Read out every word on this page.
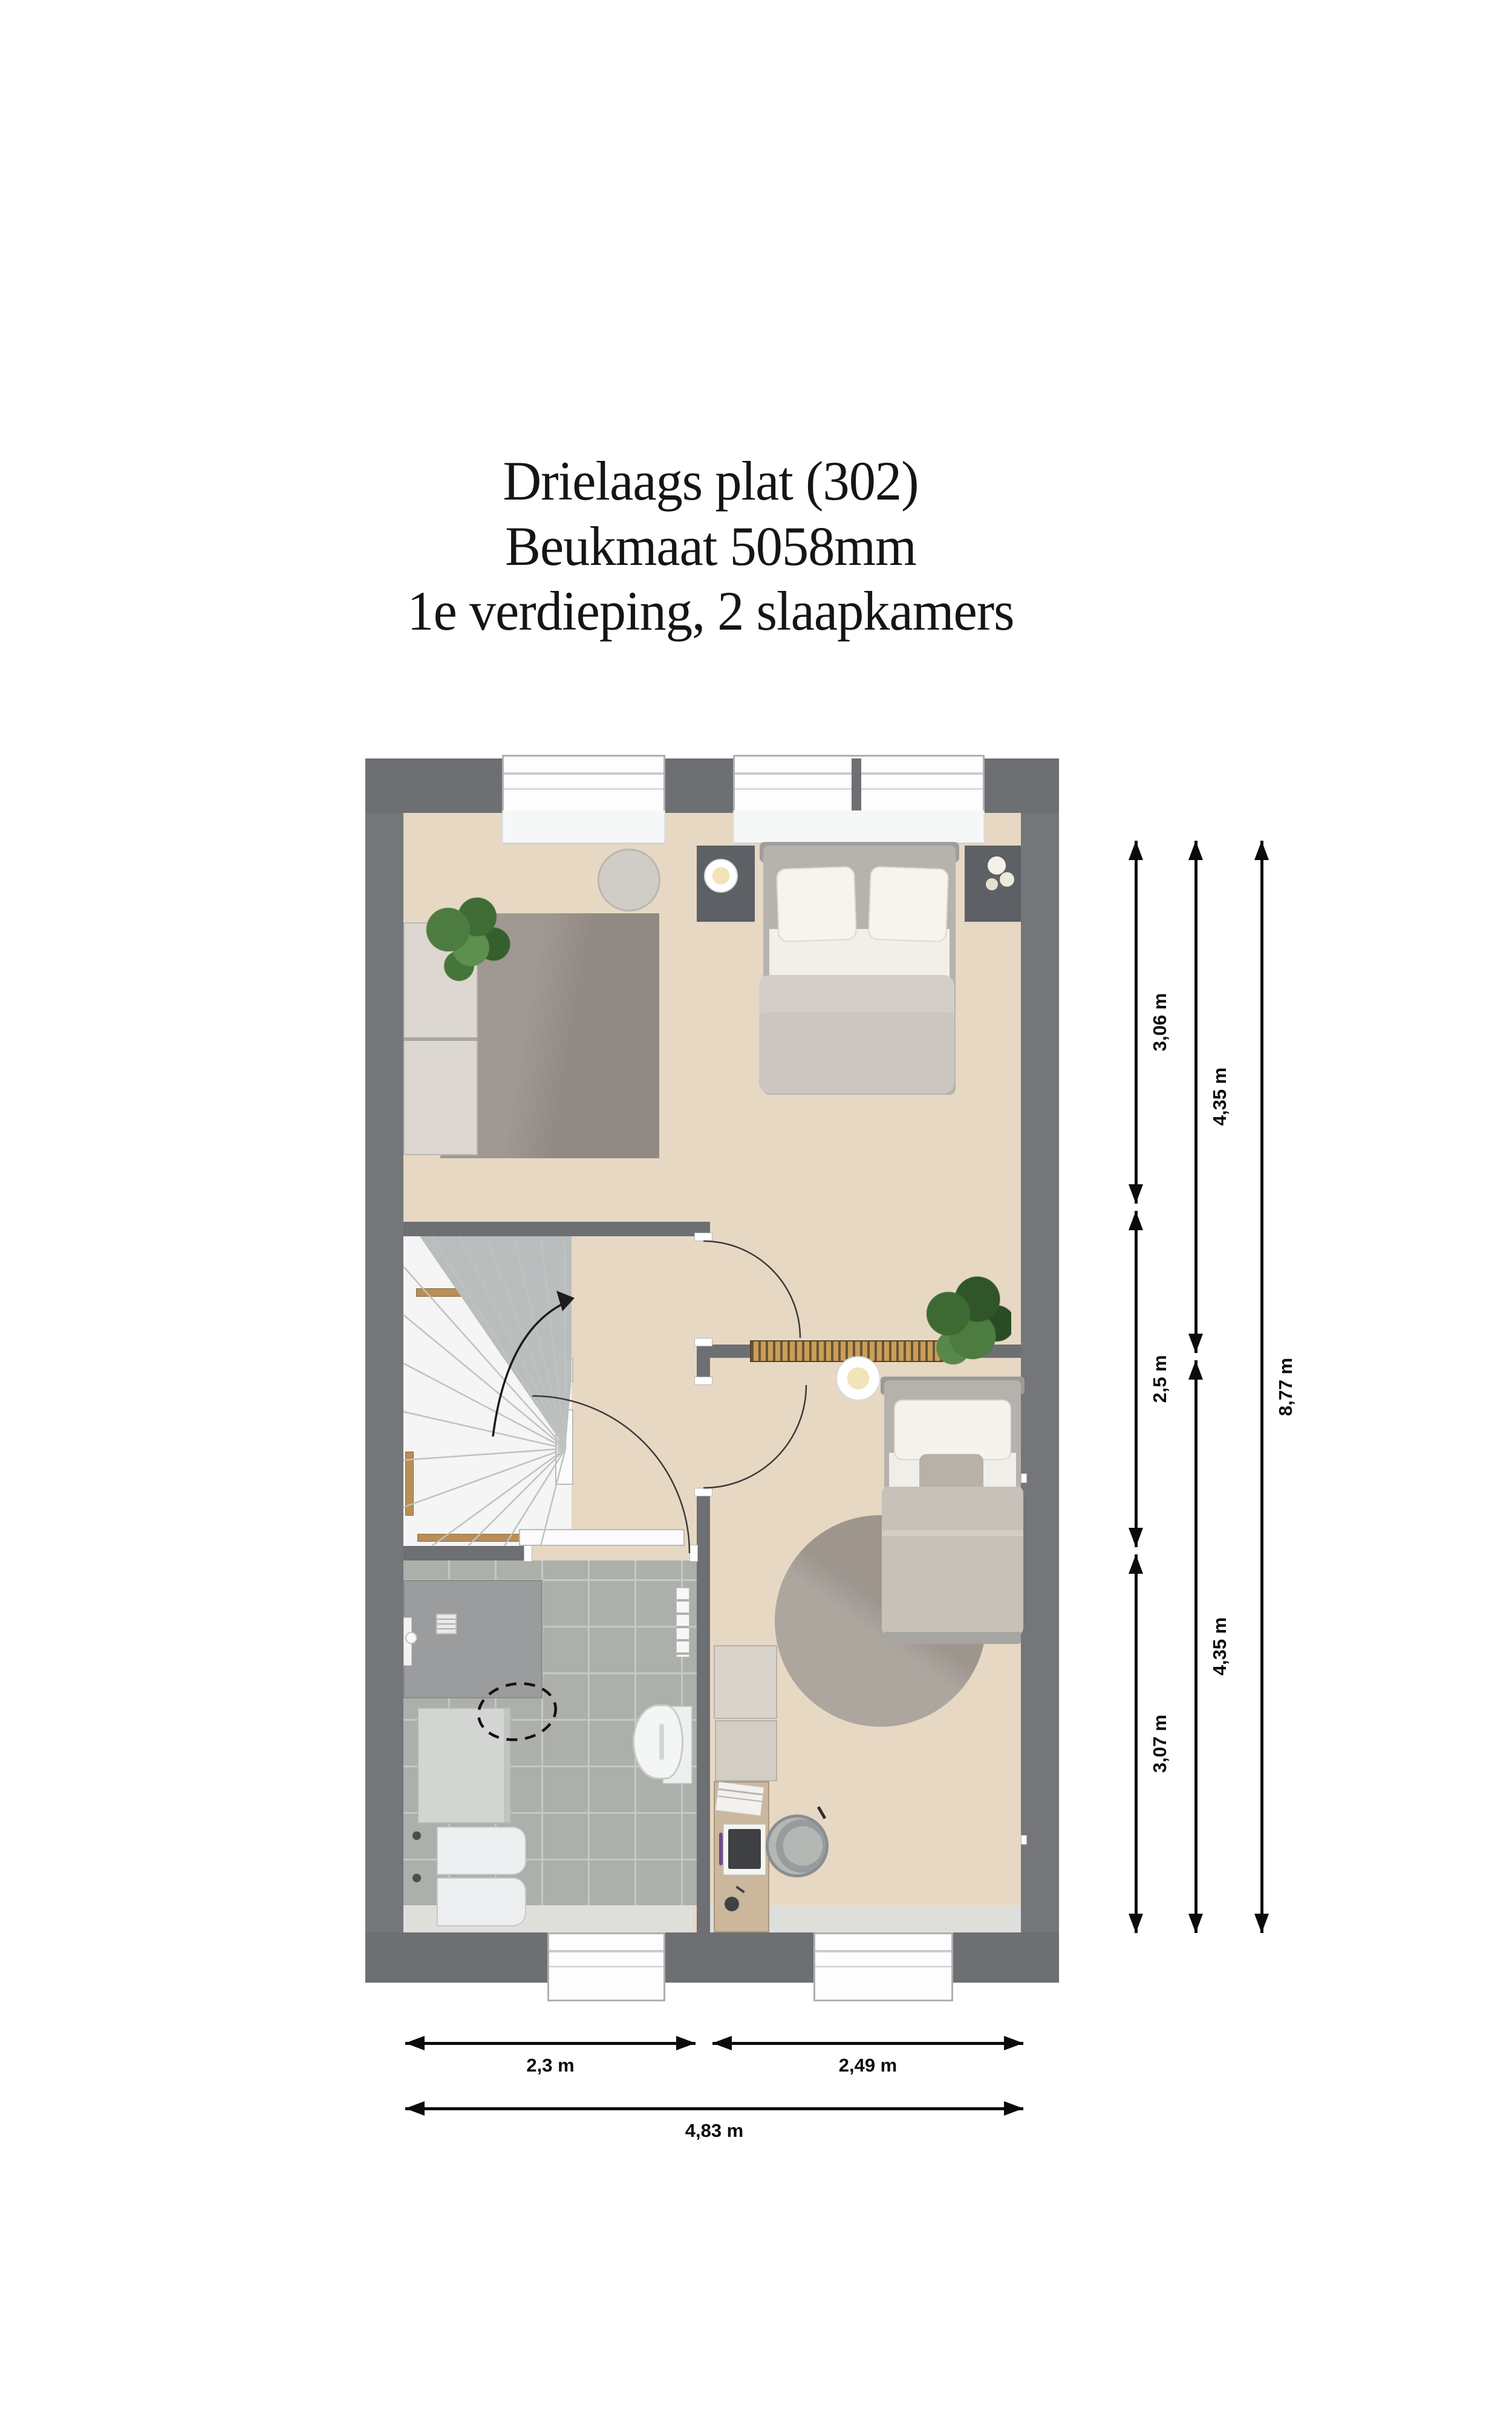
Drielaags plat (302)
Beukmaat 5058mm
1e verdieping, 2 slaapkamers
3,06 m
2,5 m
3,07 m
4,35 m
4,35 m
8,77 m
2,3 m	2,49 m
4,83 m
